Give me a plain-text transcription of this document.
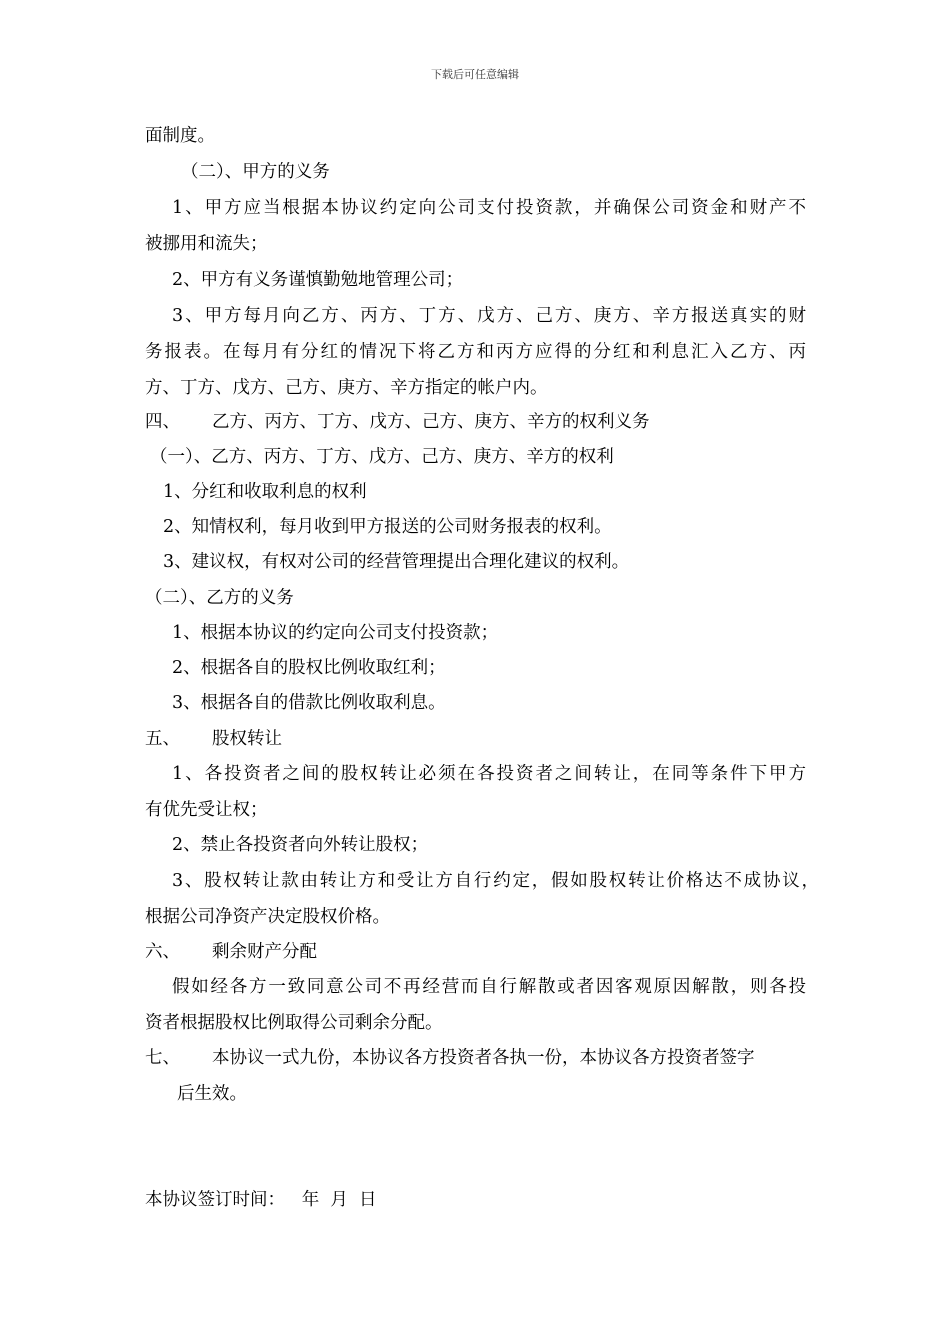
下载后可任意编辑
面制度。
（二）、甲方的义务
1、甲方应当根据本协议约定向公司支付投资款，并确保公司资金和财产不
被挪用和流失；
2、甲方有义务谨慎勤勉地管理公司；
3、甲方每月向乙方、丙方、丁方、戊方、己方、庚方、辛方报送真实的财
务报表。在每月有分红的情况下将乙方和丙方应得的分红和利息汇入乙方、丙
方、丁方、戊方、己方、庚方、辛方指定的帐户内。
四、 乙方、丙方、丁方、戊方、己方、庚方、辛方的权利义务
（一）、乙方、丙方、丁方、戊方、己方、庚方、辛方的权利
1、分红和收取利息的权利
2、知情权利，每月收到甲方报送的公司财务报表的权利。
3、建议权，有权对公司的经营管理提出合理化建议的权利。
（二）、乙方的义务
1、根据本协议的约定向公司支付投资款；
2、根据各自的股权比例收取红利；
3、根据各自的借款比例收取利息。
五、 股权转让
1、各投资者之间的股权转让必须在各投资者之间转让，在同等条件下甲方
有优先受让权；
2、禁止各投资者向外转让股权；
3、股权转让款由转让方和受让方自行约定，假如股权转让价格达不成协议，
根据公司净资产决定股权价格。
六、 剩余财产分配
假如经各方一致同意公司不再经营而自行解散或者因客观原因解散，则各投
资者根据股权比例取得公司剩余分配。
七、 本协议一式九份，本协议各方投资者各执一份，本协议各方投资者签字
后生效。
本协议签订时间：   年  月  日
